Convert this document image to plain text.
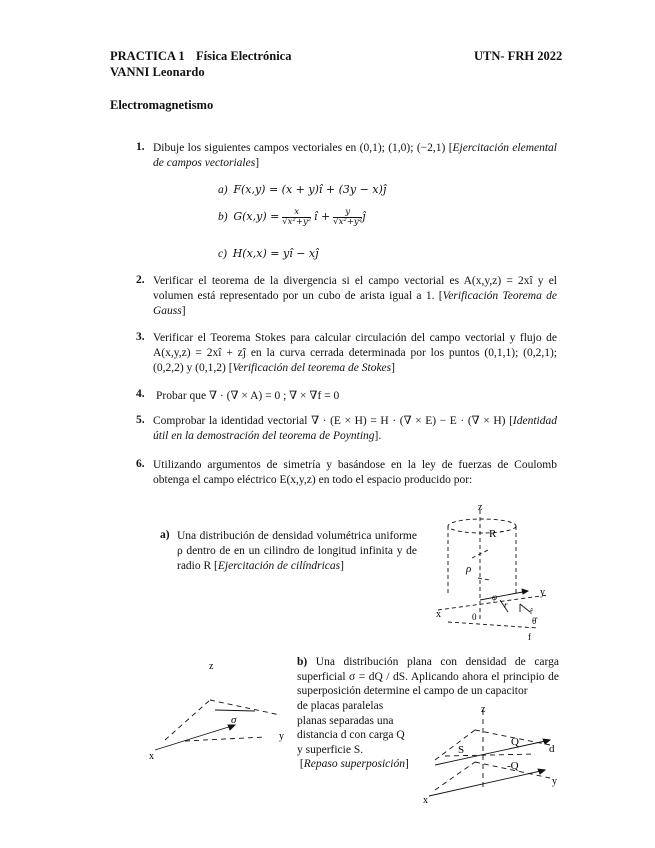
PRACTICA 1 Física Electrónica	UTN- FRH 2022
VANNI Leonardo
Electromagnetismo
1. Dibuje los siguientes campos vectoriales en (0,1); (1,0); (−2,1) [Ejercitación elemental de campos vectoriales]
a) F(x,y) = (x + y)î + (3y − x)ĵ
b) $G(x,y) = \frac{x}{\text{√x²+y²}}$ î + $\frac{y}{\text{√x²+y²}}$ ĵ
c) H(x,x) = yî − xĵ
2. Verificar el teorema de la divergencia si el campo vectorial es A(x,y,z) = 2xî y el volumen está representado por un cubo de arista igual a 1. [Verificación Teorema de Gauss]
3. Verificar el Teorema Stokes para calcular circulación del campo vectorial y flujo de A(x,y,z) = 2xî + zĵ en la curva cerrada determinada por los puntos (0,1,1); (0,2,1); (0,2,2) y (0,1,2) [Verificación del teorema de Stokes]
4. Probar que ∇ · (∇ × A) = 0 ; ∇ × ∇f = 0
5. Comprobar la identidad vectorial ∇ · (E × H) = H · (∇ × E) − E · (∇ × H) [Identidad útil en la demostración del teorema de Poynting].
6. Utilizando argumentos de simetría y basándose en la ley de fuerzas de Coulomb obtenga el campo eléctrico E(x,y,z) en todo el espacio producido por:
a) Una distribución de densidad volumétrica uniforme ρ dentro de en un cilindro de longitud infinita y de radio R [Ejercitación de cilíndricas]
z
R
ρ
y
x	0
r
φ
r̂
θ̂
f
b) Una distribución plana con densidad de carga superficial σ = dQ / dS. Aplicando ahora el principio de superposición determine el campo de un capacitor
de placas paralelas planas separadas una distancia d con carga Q y superficie S.
[Repaso superposición]
z
σ
y
x
z
S
Q
-Q
d
y
x
